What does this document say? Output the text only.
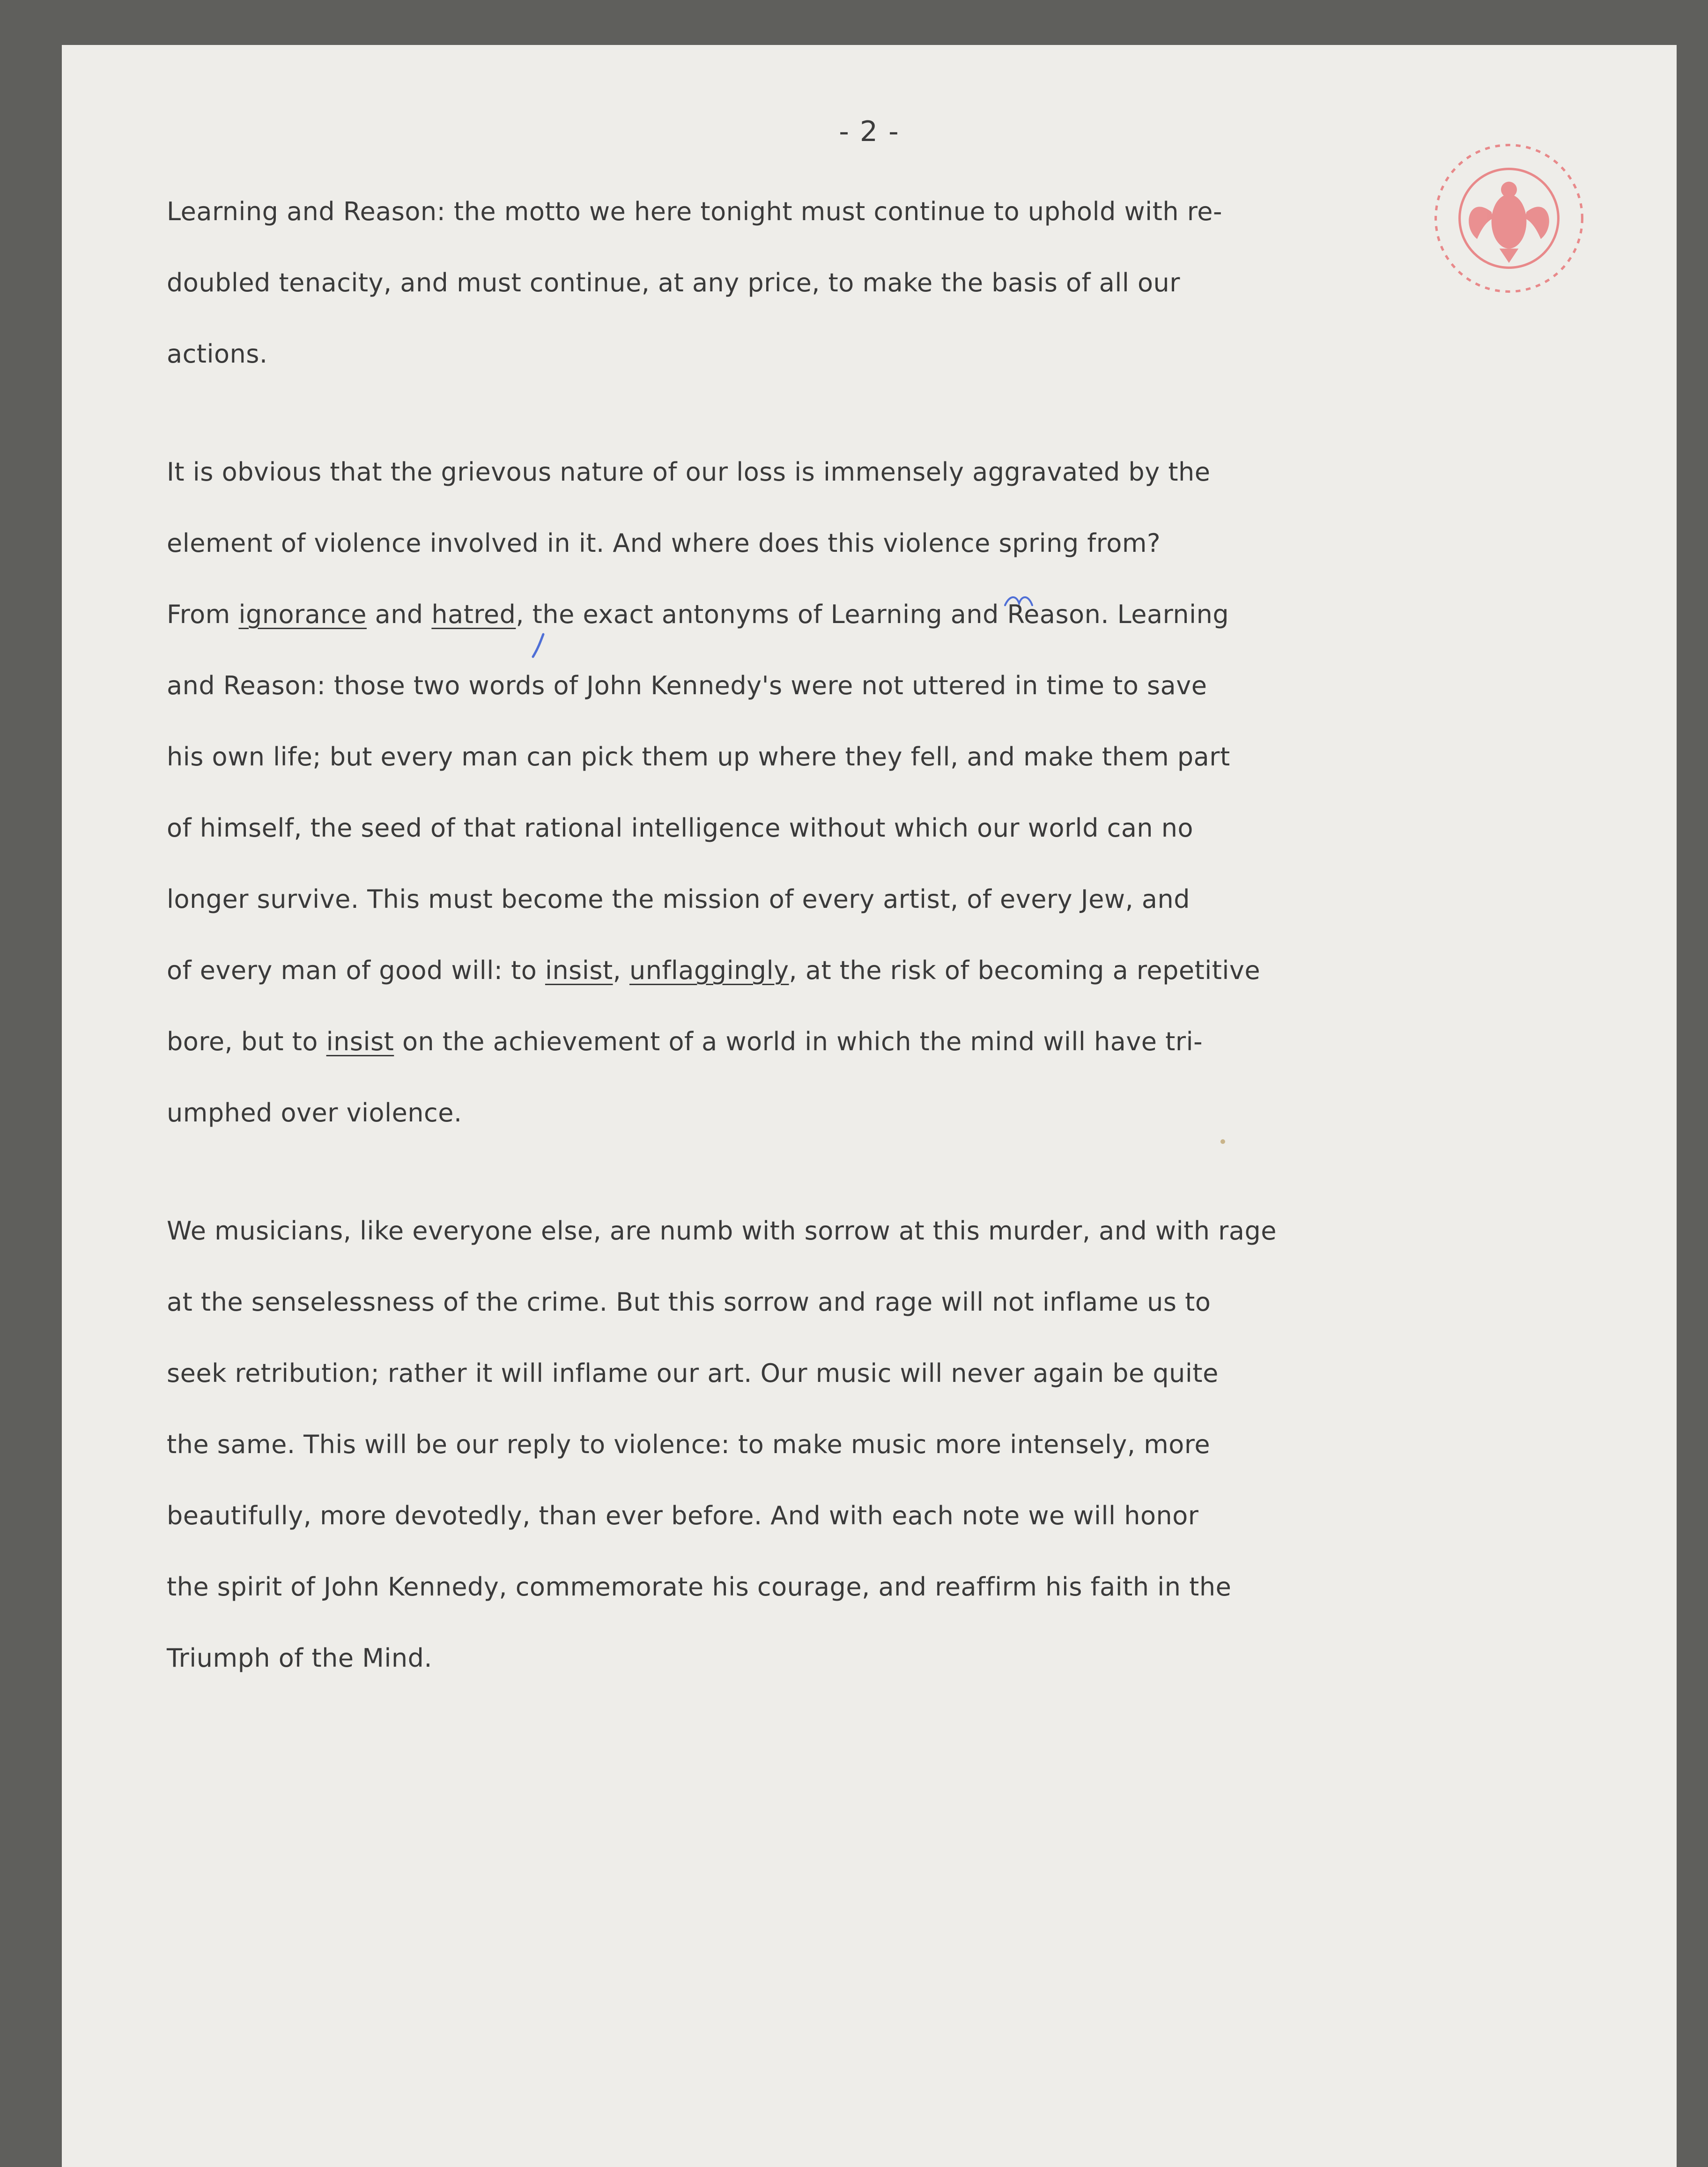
- 2 -
Learning and Reason: the motto we here tonight must continue to uphold with re-
doubled tenacity, and must continue, at any price, to make the basis of all our
actions.
It is obvious that the grievous nature of our loss is immensely aggravated by the
element of violence involved in it. And where does this violence spring from?
From ignorance and hatred, the exact antonyms of Learning and Reason. Learning
and Reason: those two words of John Kennedy's were not uttered in time to save
his own life; but every man can pick them up where they fell, and make them part
of himself, the seed of that rational intelligence without which our world can no
longer survive. This must become the mission of every artist, of every Jew, and
of every man of good will: to insist, unflaggingly, at the risk of becoming a repetitive
bore, but to insist on the achievement of a world in which the mind will have tri-
umphed over violence.
We musicians, like everyone else, are numb with sorrow at this murder, and with rage
at the senselessness of the crime. But this sorrow and rage will not inflame us to
seek retribution; rather it will inflame our art. Our music will never again be quite
the same. This will be our reply to violence: to make music more intensely, more
beautifully, more devotedly, than ever before. And with each note we will honor
the spirit of John Kennedy, commemorate his courage, and reaffirm his faith in the
Triumph of the Mind.
